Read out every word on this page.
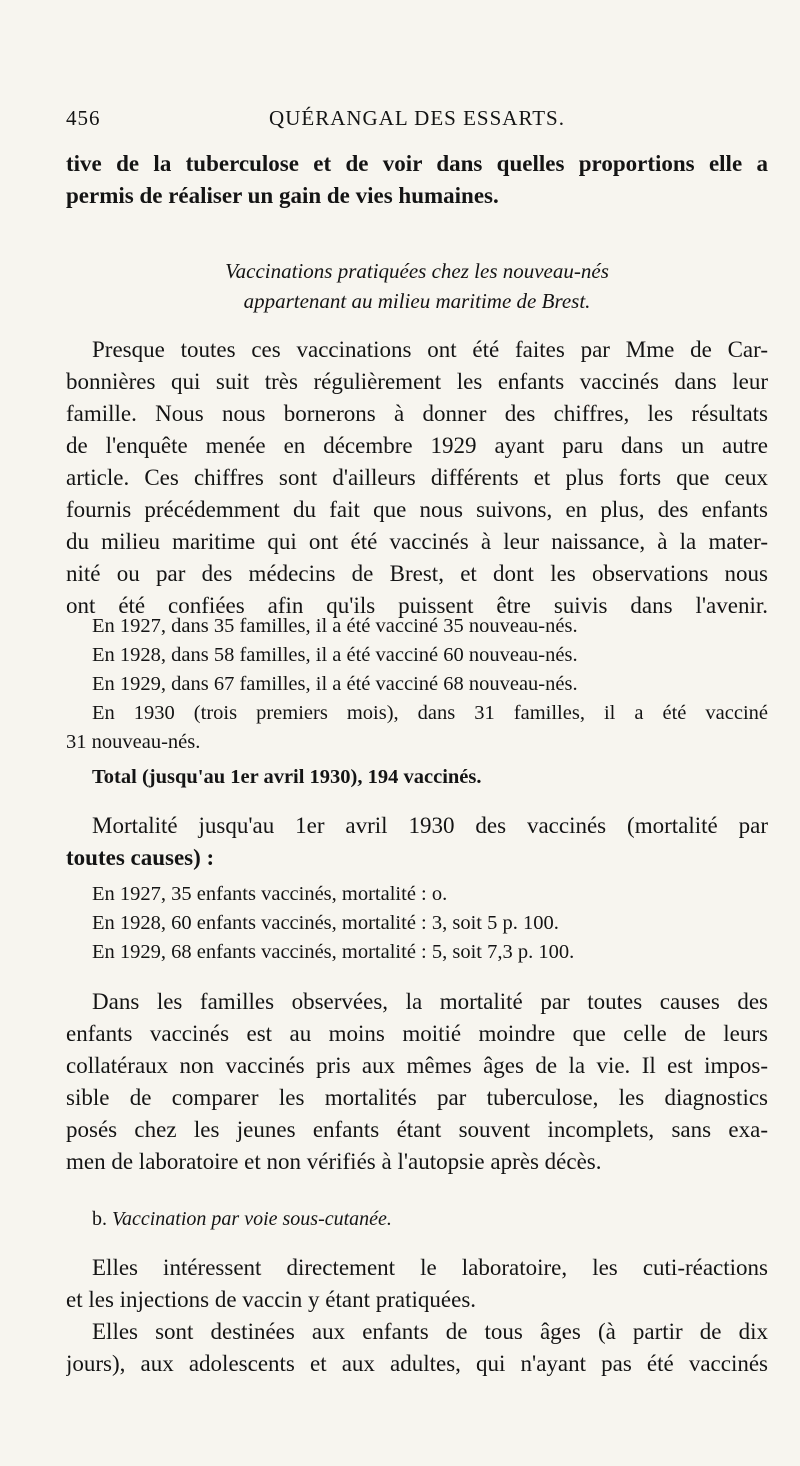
QUÉRANGAL DES ESSARTS.
456
tive de la tuberculose et de voir dans quelles proportions elle a
permis de réaliser un gain de vies humaines.
Vaccinations pratiquées chez les nouveau-nés
appartenant au milieu maritime de Brest.
Presque toutes ces vaccinations ont été faites par Mme de Car-
bonnières qui suit très régulièrement les enfants vaccinés dans leur
famille. Nous nous bornerons à donner des chiffres, les résultats
de l'enquête menée en décembre 1929 ayant paru dans un autre
article. Ces chiffres sont d'ailleurs différents et plus forts que ceux
fournis précédemment du fait que nous suivons, en plus, des enfants
du milieu maritime qui ont été vaccinés à leur naissance, à la mater-
nité ou par des médecins de Brest, et dont les observations nous
ont été confiées afin qu'ils puissent être suivis dans l'avenir.
En 1927, dans 35 familles, il a été vacciné 35 nouveau-nés.
En 1928, dans 58 familles, il a été vacciné 60 nouveau-nés.
En 1929, dans 67 familles, il a été vacciné 68 nouveau-nés.
En 1930 (trois premiers mois), dans 31 familles, il a été vacciné
31 nouveau-nés.
Total (jusqu'au 1er avril 1930), 194 vaccinés.
Mortalité jusqu'au 1er avril 1930 des vaccinés (mortalité par
toutes causes) :
En 1927, 35 enfants vaccinés, mortalité : o.
En 1928, 60 enfants vaccinés, mortalité : 3, soit 5 p. 100.
En 1929, 68 enfants vaccinés, mortalité : 5, soit 7,3 p. 100.
Dans les familles observées, la mortalité par toutes causes des
enfants vaccinés est au moins moitié moindre que celle de leurs
collatéraux non vaccinés pris aux mêmes âges de la vie. Il est impos-
sible de comparer les mortalités par tuberculose, les diagnostics
posés chez les jeunes enfants étant souvent incomplets, sans exa-
men de laboratoire et non vérifiés à l'autopsie après décès.
b. Vaccination par voie sous-cutanée.
Elles intéressent directement le laboratoire, les cuti-réactions
et les injections de vaccin y étant pratiquées.
Elles sont destinées aux enfants de tous âges (à partir de dix
jours), aux adolescents et aux adultes, qui n'ayant pas été vaccinés
